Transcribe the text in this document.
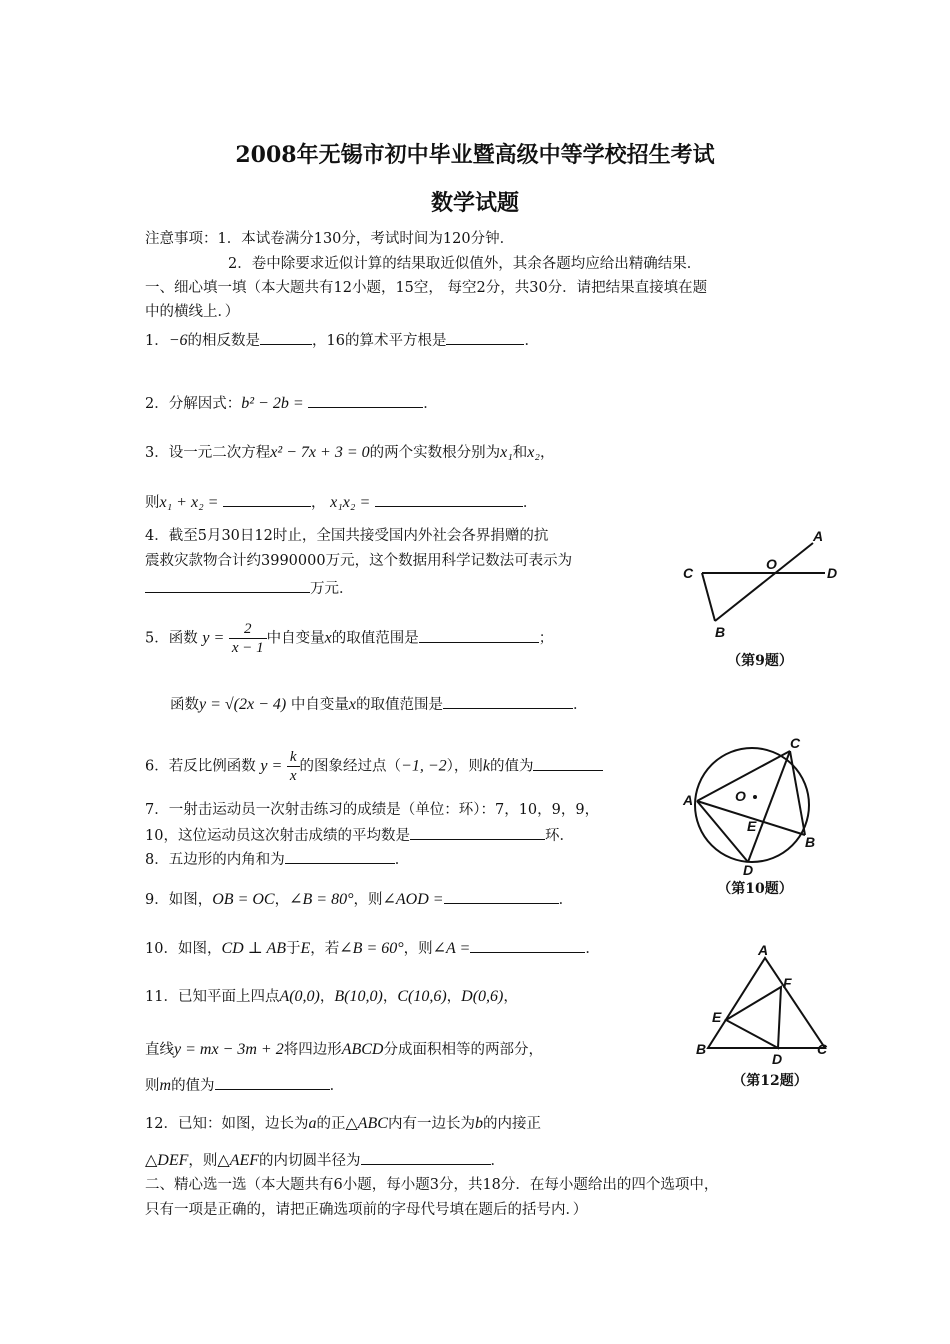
2008年无锡市初中毕业暨高级中等学校招生考试
数学试题
注意事项：1．本试卷满分130分，考试时间为120分钟．
2．卷中除要求近似计算的结果取近似值外，其余各题均应给出精确结果．
一、细心填一填（本大题共有12小题，15空， 每空2分，共30分．请把结果直接填在题
中的横线上．）
1．−6的相反数是	，16的算术平方根是	．
2．分解因式：b² − 2b =	．
3．设一元二次方程x² − 7x + 3 = 0的两个实数根分别为x₁和x₂，
则x₁ + x₂ =	， x₁x₂ =	．
4．截至5月30日12时止，全国共接受国内外社会各界捐赠的抗
震救灾款物合计约3990000万元，这个数据用科学记数法可表示为
万元．
5．函数 $y = \frac{2}{x - 1}$ 中自变量x的取值范围是	；
函数y = √(2x − 4) 中自变量x的取值范围是	．
6．若反比例函数 $y = \frac{k}{x}$ 的图象经过点（−1, −2），则k的值为
7．一射击运动员一次射击练习的成绩是（单位：环）：7，10，9，9，
10，这位运动员这次射击成绩的平均数是	环．
8．五边形的内角和为	．
9．如图，OB = OC，∠B = 80°，则∠AOD =	．
10．如图，CD ⊥ AB于E，若∠B = 60°，则∠A =	．
11．已知平面上四点A(0,0)，B(10,0)，C(10,6)，D(0,6)，
直线y = mx − 3m + 2将四边形ABCD分成面积相等的两部分，
则m的值为	．
12．已知：如图，边长为a的正△ABC内有一边长为b的内接正
△DEF，则△AEF的内切圆半径为	．
二、精心选一选（本大题共有6小题，每小题3分，共18分．在每小题给出的四个选项中，
只有一项是正确的，请把正确选项前的字母代号填在题后的括号内．）
A
C
O
D
B
（第9题）
C
A	O
E
B
D
（第10题）
A
F
E
B
D
C
（第12题）
